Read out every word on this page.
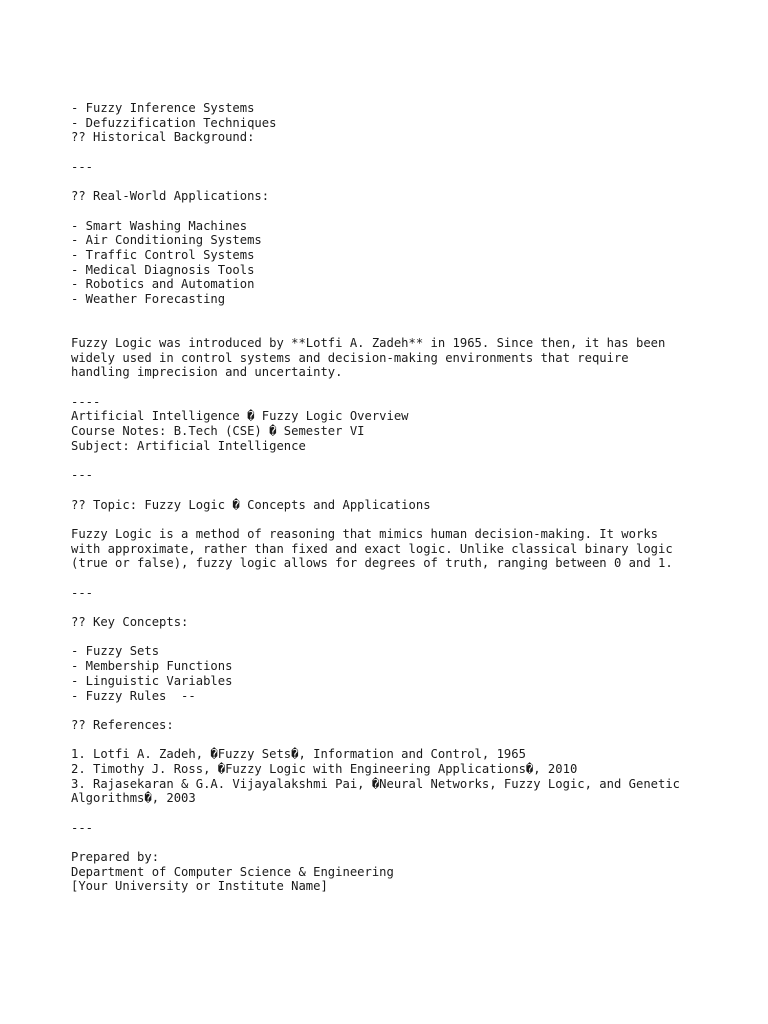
- Fuzzy Inference Systems
- Defuzzification Techniques
?? Historical Background:
---
?? Real-World Applications:
- Smart Washing Machines
- Air Conditioning Systems
- Traffic Control Systems
- Medical Diagnosis Tools
- Robotics and Automation
- Weather Forecasting
Fuzzy Logic was introduced by **Lotfi A. Zadeh** in 1965. Since then, it has been
widely used in control systems and decision-making environments that require
handling imprecision and uncertainty.
----
Artificial Intelligence � Fuzzy Logic Overview
Course Notes: B.Tech (CSE) � Semester VI
Subject: Artificial Intelligence
---
?? Topic: Fuzzy Logic � Concepts and Applications
Fuzzy Logic is a method of reasoning that mimics human decision-making. It works
with approximate, rather than fixed and exact logic. Unlike classical binary logic
(true or false), fuzzy logic allows for degrees of truth, ranging between 0 and 1.
---
?? Key Concepts:
- Fuzzy Sets
- Membership Functions
- Linguistic Variables
- Fuzzy Rules  --
?? References:
1. Lotfi A. Zadeh, �Fuzzy Sets�, Information and Control, 1965
2. Timothy J. Ross, �Fuzzy Logic with Engineering Applications�, 2010
3. Rajasekaran & G.A. Vijayalakshmi Pai, �Neural Networks, Fuzzy Logic, and Genetic
Algorithms�, 2003
---
Prepared by:
Department of Computer Science & Engineering
[Your University or Institute Name]
